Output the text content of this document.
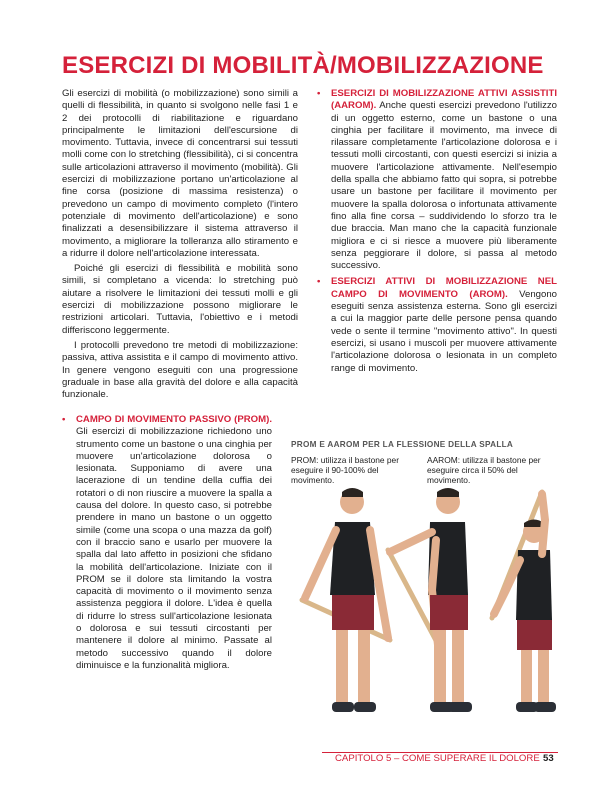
ESERCIZI DI MOBILITÀ/MOBILIZZAZIONE

Gli esercizi di mobilità (o mobilizzazione) sono simili a quelli di flessibilità, in quanto si svolgono nelle fasi 1 e 2 dei protocolli di riabilitazione e riguardano principalmente le limitazioni dell'escursione di movimento. Tuttavia, invece di concentrarsi sui tessuti molli come con lo stretching (flessibilità), ci si concentra sulle articolazioni attraverso il movimento (mobilità). Gli esercizi di mobilizzazione portano un'articolazione al fine corsa (posizione di massima resistenza) o prevedono un campo di movimento completo (l'intero potenziale di movimento dell'articolazione) e sono finalizzati a desensibilizzare il sistema attraverso il movimento, a migliorare la tolleranza allo stiramento e a ridurre il dolore nell'articolazione interessata.

Poiché gli esercizi di flessibilità e mobilità sono simili, si completano a vicenda: lo stretching può aiutare a risolvere le limitazioni dei tessuti molli e gli esercizi di mobilizzazione possono migliorare le restrizioni articolari. Tuttavia, l'obiettivo e i metodi differiscono leggermente.

I protocolli prevedono tre metodi di mobilizzazione: passiva, attiva assistita e il campo di movimento attivo. In genere vengono eseguiti con una progressione graduale in base alla gravità del dolore e alla capacità funzionale.

• CAMPO DI MOVIMENTO PASSIVO (PROM). Gli esercizi di mobilizzazione richiedono uno strumento come un bastone o una cinghia per muovere un'articolazione dolorosa o lesionata. Supponiamo di avere una lacerazione di un tendine della cuffia dei rotatori o di non riuscire a muovere la spalla a causa del dolore. In questo caso, si potrebbe prendere in mano un bastone o un oggetto simile (come una scopa o una mazza da golf) con il braccio sano e usarlo per muovere la spalla dal lato affetto in posizioni che sfidano la mobilità dell'articolazione. Iniziate con il PROM se il dolore sta limitando la vostra capacità di movimento o il movimento senza assistenza peggiora il dolore. L'idea è quella di ridurre lo stress sull'articolazione lesionata o dolorosa e sui tessuti circostanti per mantenere il dolore al minimo. Passate al metodo successivo quando il dolore diminuisce e la funzionalità migliora.
• ESERCIZI DI MOBILIZZAZIONE ATTIVI ASSISTITI (AAROM). Anche questi esercizi prevedono l'utilizzo di un oggetto esterno, come un bastone o una cinghia per facilitare il movimento, ma invece di rilassare completamente l'articolazione dolorosa e i tessuti molli circostanti, con questi esercizi si inizia a muovere l'articolazione attivamente. Nell'esempio della spalla che abbiamo fatto qui sopra, si potrebbe usare un bastone per facilitare il movimento per muovere la spalla dolorosa o infortunata attivamente fino alla fine corsa – suddividendo lo sforzo tra le due braccia. Man mano che la capacità funzionale migliora e ci si riesce a muovere più liberamente senza peggiorare il dolore, si passa al metodo successivo.
• ESERCIZI ATTIVI DI MOBILIZZAZIONE NEL CAMPO DI MOVIMENTO (AROM). Vengono eseguiti senza assistenza esterna. Sono gli esercizi a cui la maggior parte delle persone pensa quando vede o sente il termine "movimento attivo". In questi esercizi, si usano i muscoli per muovere attivamente l'articolazione dolorosa o lesionata in un completo range di movimento.
PROM E AAROM PER LA FLESSIONE DELLA SPALLA
PROM: utilizza il bastone per eseguire il 90-100% del movimento.
AAROM: utilizza il bastone per eseguire circa il 50% del movimento.
CAPITOLO 5 – COME SUPERARE IL DOLORE 53
